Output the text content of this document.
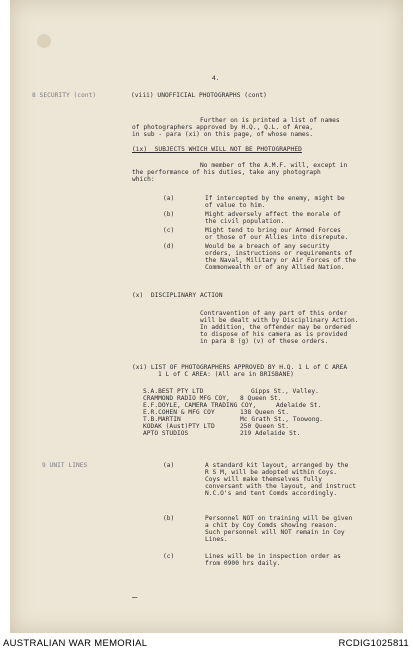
4.
8 SECURITY (cont)	(viii) UNOFFICIAL PHOTOGRAPHS (cont)
Further on is printed a list of names
of photographers approved by H.Q., Q.L. of Area,
in sub - para (xi) on this page, of whose names.
(ix)  SUBJECTS WHICH WILL NOT BE PHOTOGRAPHED
No member of the A.M.F. will, except in
the performance of his duties, take any photograph
which:
(a)	If intercepted by the enemy, might be
of value to him.
(b)	Might adversely affect the morale of
the civil population.
(c)	Might tend to bring our Armed Forces
or those of our Allies into disrepute.
(d)	Would be a breach of any security
orders, instructions or requirements of
the Naval, Military or Air Forces of the
Commonwealth or of any Allied Nation.
(x)  DISCIPLINARY ACTION
Contravention of any part of this order
will be dealt with by Disciplinary Action.
In addition, the offender may be ordered
to dispose of his camera as is provided
in para 8 (g) (v) of these orders.
(xi) LIST OF PHOTOGRAPHERS APPROVED BY H.Q. 1 L of C AREA
1 L of C AREA: (All are in BRISBANE)
S.A.BEST PTY LTD	Gipps St., Valley.
CRAMMOND RADIO MFG COY, 8 Queen St.
E.F.DOYLE, CAMERA TRADING COY,	Adelaide St.
E.R.COHEN & MFG COY	138 Queen St.
T.B.MARTIN	Mc Grath St., Toowong.
KODAK (Aust)PTY LTD	250 Queen St.
APTO STUDIOS	219 Adelaide St.
9 UNIT LINES	(a)	A standard kit layout, arranged by the
R S M, will be adopted within Coys.
Coys will make themselves fully
conversant with the layout, and instruct
N.C.O's and tent Comds accordingly.
(b)	Personnel NOT on training will be given
a chit by Coy Comds showing reason.
Such personnel will NOT remain in Coy
Lines.
(c)	Lines will be in inspection order as
from 0900 hrs daily.
—
AUSTRALIAN WAR MEMORIAL	RCDIG1025811
